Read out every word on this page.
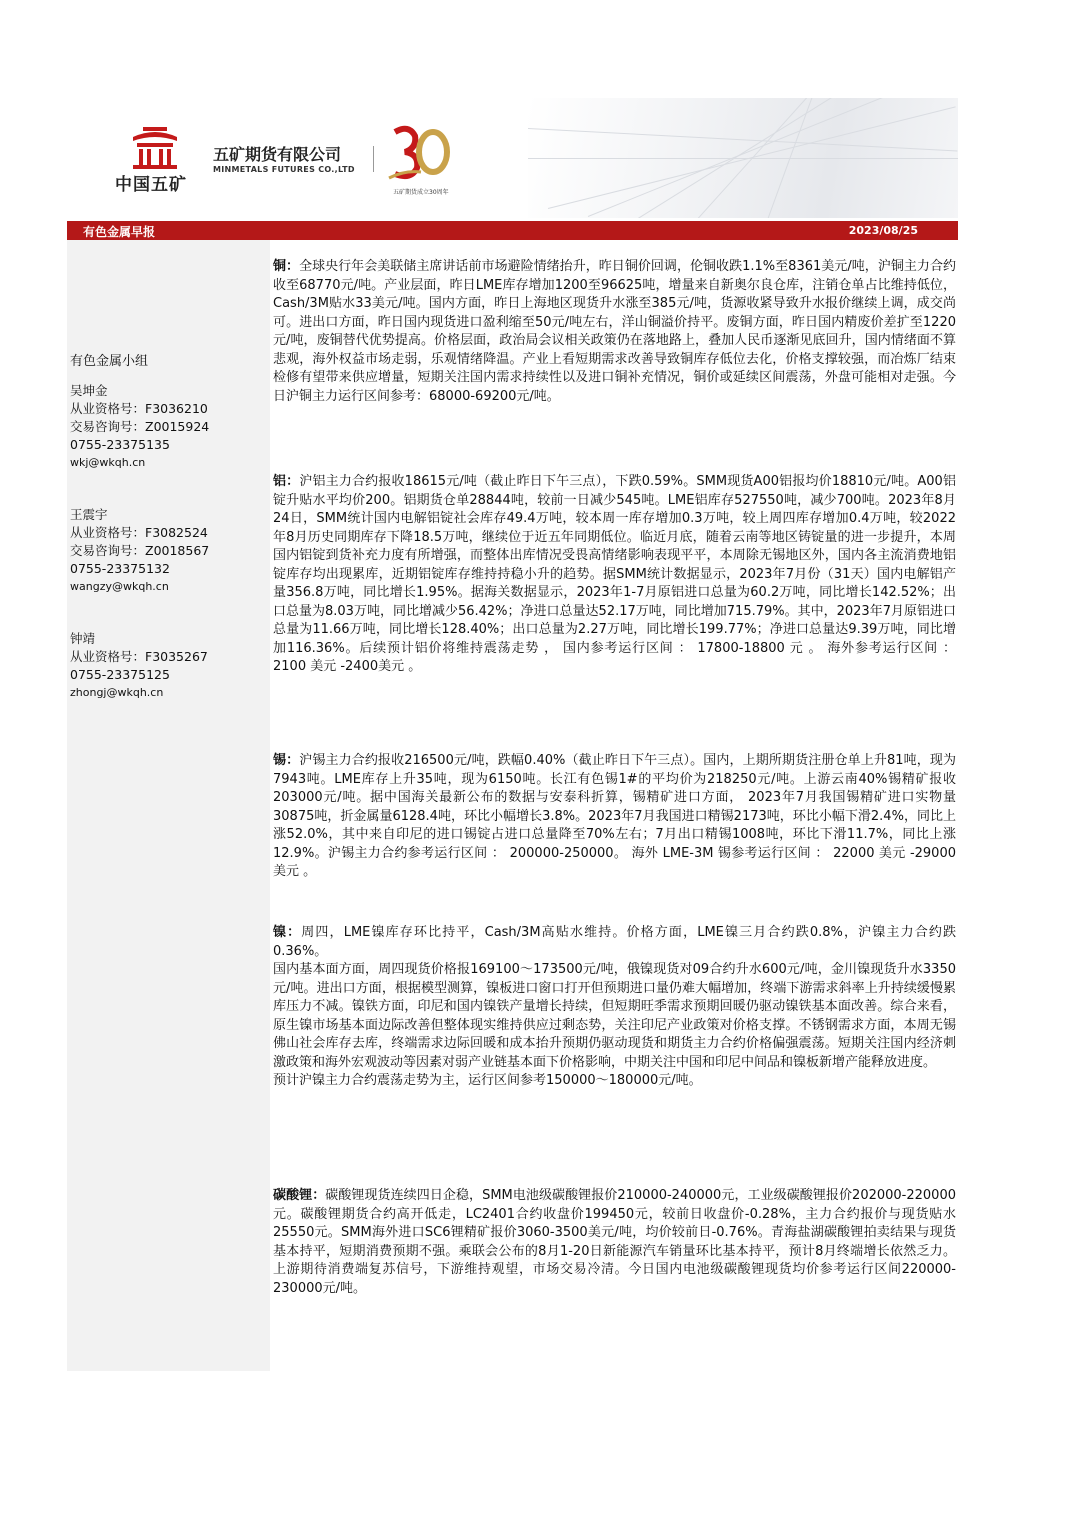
中国五矿
五矿期货有限公司
MINMETALS FUTURES CO.,LTD
五矿期货成立30周年
有色金属早报	2023/08/25
有色金属小组
吴坤金
从业资格号：F3036210
交易咨询号：Z0015924
0755-23375135
wkj@wkqh.cn
王震宇
从业资格号：F3082524
交易咨询号：Z0018567
0755-23375132
wangzy@wkqh.cn
钟靖
从业资格号：F3035267
0755-23375125
zhongj@wkqh.cn
铜：全球央行年会美联储主席讲话前市场避险情绪抬升，昨日铜价回调，伦铜收跌1.1%至8361美元/吨，沪铜主力合约收至68770元/吨。产业层面，昨日LME库存增加1200至96625吨，增量来自新奥尔良仓库，注销仓单占比维持低位，Cash/3M贴水33美元/吨。国内方面，昨日上海地区现货升水涨至385元/吨，货源收紧导致升水报价继续上调，成交尚可。进出口方面，昨日国内现货进口盈利缩至50元/吨左右，洋山铜溢价持平。废铜方面，昨日国内精废价差扩至1220元/吨，废铜替代优势提高。价格层面，政治局会议相关政策仍在落地路上，叠加人民币逐渐见底回升，国内情绪面不算悲观，海外权益市场走弱，乐观情绪降温。产业上看短期需求改善导致铜库存低位去化，价格支撑较强，而冶炼厂结束检修有望带来供应增量，短期关注国内需求持续性以及进口铜补充情况，铜价或延续区间震荡，外盘可能相对走强。今日沪铜主力运行区间参考：68000-69200元/吨。
铝：沪铝主力合约报收18615元/吨（截止昨日下午三点），下跌0.59%。SMM现货A00铝报均价18810元/吨。A00铝锭升贴水平均价200。铝期货仓单28844吨，较前一日减少545吨。LME铝库存527550吨，减少700吨。2023年8月24日，SMM统计国内电解铝锭社会库存49.4万吨，较本周一库存增加0.3万吨，较上周四库存增加0.4万吨，较2022年8月历史同期库存下降18.5万吨，继续位于近五年同期低位。临近月底，随着云南等地区铸锭量的进一步提升，本周国内铝锭到货补充力度有所增强，而整体出库情况受畏高情绪影响表现平平，本周除无锡地区外，国内各主流消费地铝锭库存均出现累库，近期铝锭库存维持持稳小升的趋势。据SMM统计数据显示，2023年7月份（31天）国内电解铝产量356.8万吨，同比增长1.95%。据海关数据显示，2023年1-7月原铝进口总量为60.2万吨，同比增长142.52%；出口总量为8.03万吨，同比增减少56.42%；净进口总量达52.17万吨，同比增加715.79%。其中，2023年7月原铝进口总量为11.66万吨，同比增长128.40%；出口总量为2.27万吨，同比增长199.77%；净进口总量达9.39万吨，同比增加116.36%。后续预计铝价将维持震荡走势 ， 国内参考运行区间 ： 17800-18800 元 。 海外参考运行区间 ： 2100 美元 -2400美元 。
锡：沪锡主力合约报收216500元/吨，跌幅0.40%（截止昨日下午三点）。国内，上期所期货注册仓单上升81吨，现为7943吨。LME库存上升35吨，现为6150吨。长江有色锡1#的平均价为218250元/吨。上游云南40%锡精矿报收203000元/吨。据中国海关最新公布的数据与安泰科折算，锡精矿进口方面， 2023年7月我国锡精矿进口实物量30875吨，折金属量6128.4吨，环比小幅增长3.8%。2023年7月我国进口精锡2173吨，环比小幅下滑2.4%，同比上涨52.0%，其中来自印尼的进口锡锭占进口总量降至70%左右；7月出口精锡1008吨，环比下滑11.7%，同比上涨12.9%。沪锡主力合约参考运行区间 ： 200000-250000。 海外 LME-3M 锡参考运行区间 ： 22000 美元 -29000 美元 。
镍：周四，LME镍库存环比持平，Cash/3M高贴水维持。价格方面，LME镍三月合约跌0.8%，沪镍主力合约跌0.36%。
国内基本面方面，周四现货价格报169100～173500元/吨，俄镍现货对09合约升水600元/吨，金川镍现货升水3350元/吨。进出口方面，根据模型测算，镍板进口窗口打开但预期进口量仍难大幅增加，终端下游需求斜率上升持续缓慢累库压力不减。镍铁方面，印尼和国内镍铁产量增长持续，但短期旺季需求预期回暖仍驱动镍铁基本面改善。综合来看，原生镍市场基本面边际改善但整体现实维持供应过剩态势，关注印尼产业政策对价格支撑。不锈钢需求方面，本周无锡佛山社会库存去库，终端需求边际回暖和成本抬升预期仍驱动现货和期货主力合约价格偏强震荡。短期关注国内经济刺激政策和海外宏观波动等因素对弱产业链基本面下价格影响，中期关注中国和印尼中间品和镍板新增产能释放进度。
预计沪镍主力合约震荡走势为主，运行区间参考150000～180000元/吨。
碳酸锂：碳酸锂现货连续四日企稳，SMM电池级碳酸锂报价210000-240000元，工业级碳酸锂报价202000-220000元。碳酸锂期货合约高开低走，LC2401合约收盘价199450元，较前日收盘价-0.28%，主力合约报价与现货贴水25550元。SMM海外进口SC6锂精矿报价3060-3500美元/吨，均价较前日-0.76%。青海盐湖碳酸锂拍卖结果与现货基本持平，短期消费预期不强。乘联会公布的8月1-20日新能源汽车销量环比基本持平，预计8月终端增长依然乏力。上游期待消费端复苏信号，下游维持观望，市场交易冷清。今日国内电池级碳酸锂现货均价参考运行区间220000-230000元/吨。
